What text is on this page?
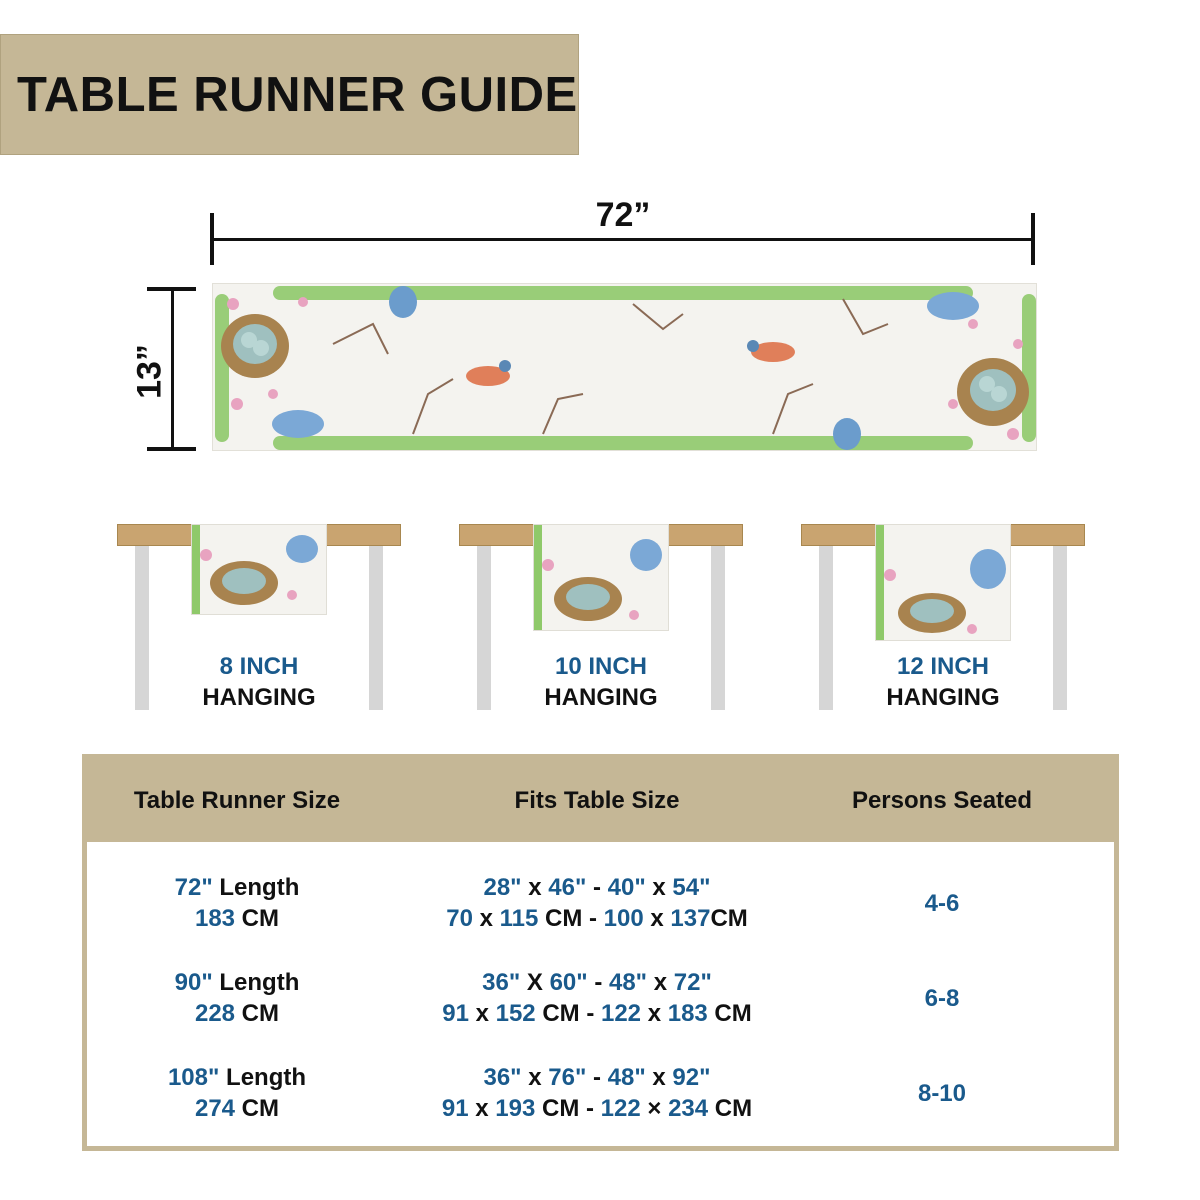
TABLE RUNNER GUIDE
72”
13”
8 INCH
HANGING
10 INCH
HANGING
12 INCH
HANGING
Table Runner Size	Fits Table Size	Persons Seated
72" Length
183 CM
28" x 46" - 40" x 54"
70 x 115 CM - 100 x 137CM
4-6
90" Length
228 CM
36" X 60" - 48" x 72"
91 x 152 CM - 122 x 183 CM
6-8
108" Length
274 CM
36" x 76" - 48" x 92"
91 x 193 CM - 122 × 234 CM
8-10
